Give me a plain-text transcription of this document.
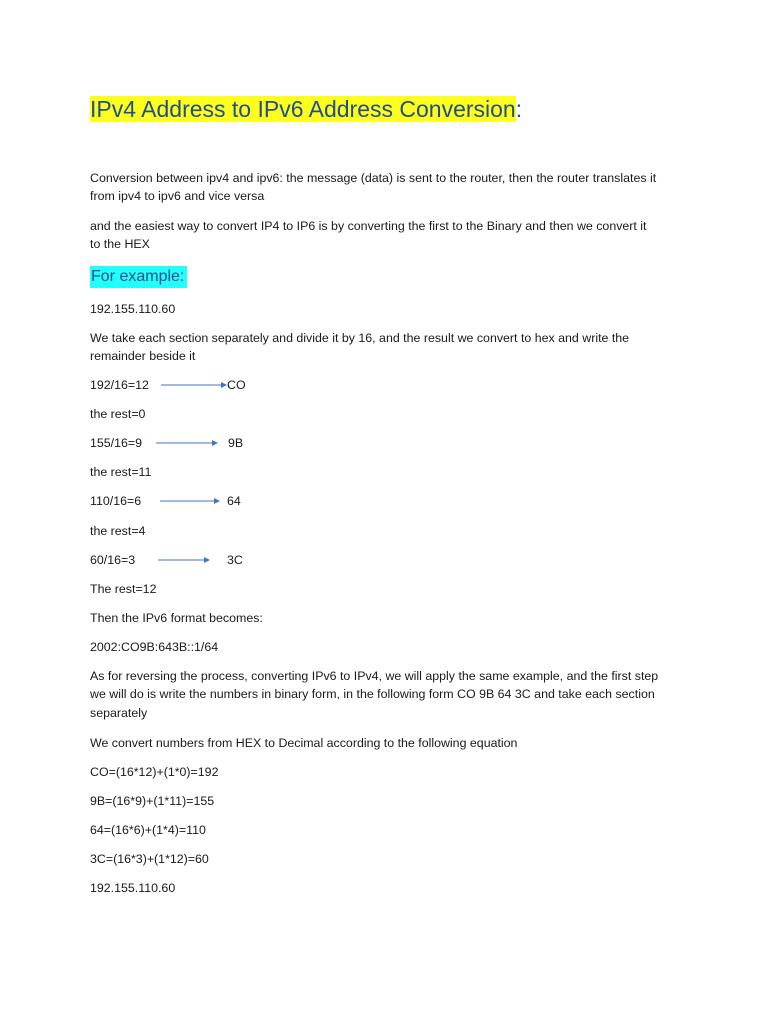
IPv4 Address to IPv6 Address Conversion:
Conversion between ipv4 and ipv6: the message (data) is sent to the router, then the router translates it
from ipv4 to ipv6 and vice versa
and the easiest way to convert IP4 to IP6 is by converting the first to the Binary and then we convert it
to the HEX
For example:
192.155.110.60
We take each section separately and divide it by 16, and the result we convert to hex and write the
remainder beside it
192/16=12	CO
the rest=0
155/16=9	9B
the rest=11
110/16=6	64
the rest=4
60/16=3	3C
The rest=12
Then the IPv6 format becomes:
2002:CO9B:643B::1/64
As for reversing the process, converting IPv6 to IPv4, we will apply the same example, and the first step
we will do is write the numbers in binary form, in the following form CO 9B 64 3C and take each section
separately
We convert numbers from HEX to Decimal according to the following equation
CO=(16*12)+(1*0)=192
9B=(16*9)+(1*11)=155
64=(16*6)+(1*4)=110
3C=(16*3)+(1*12)=60
192.155.110.60
